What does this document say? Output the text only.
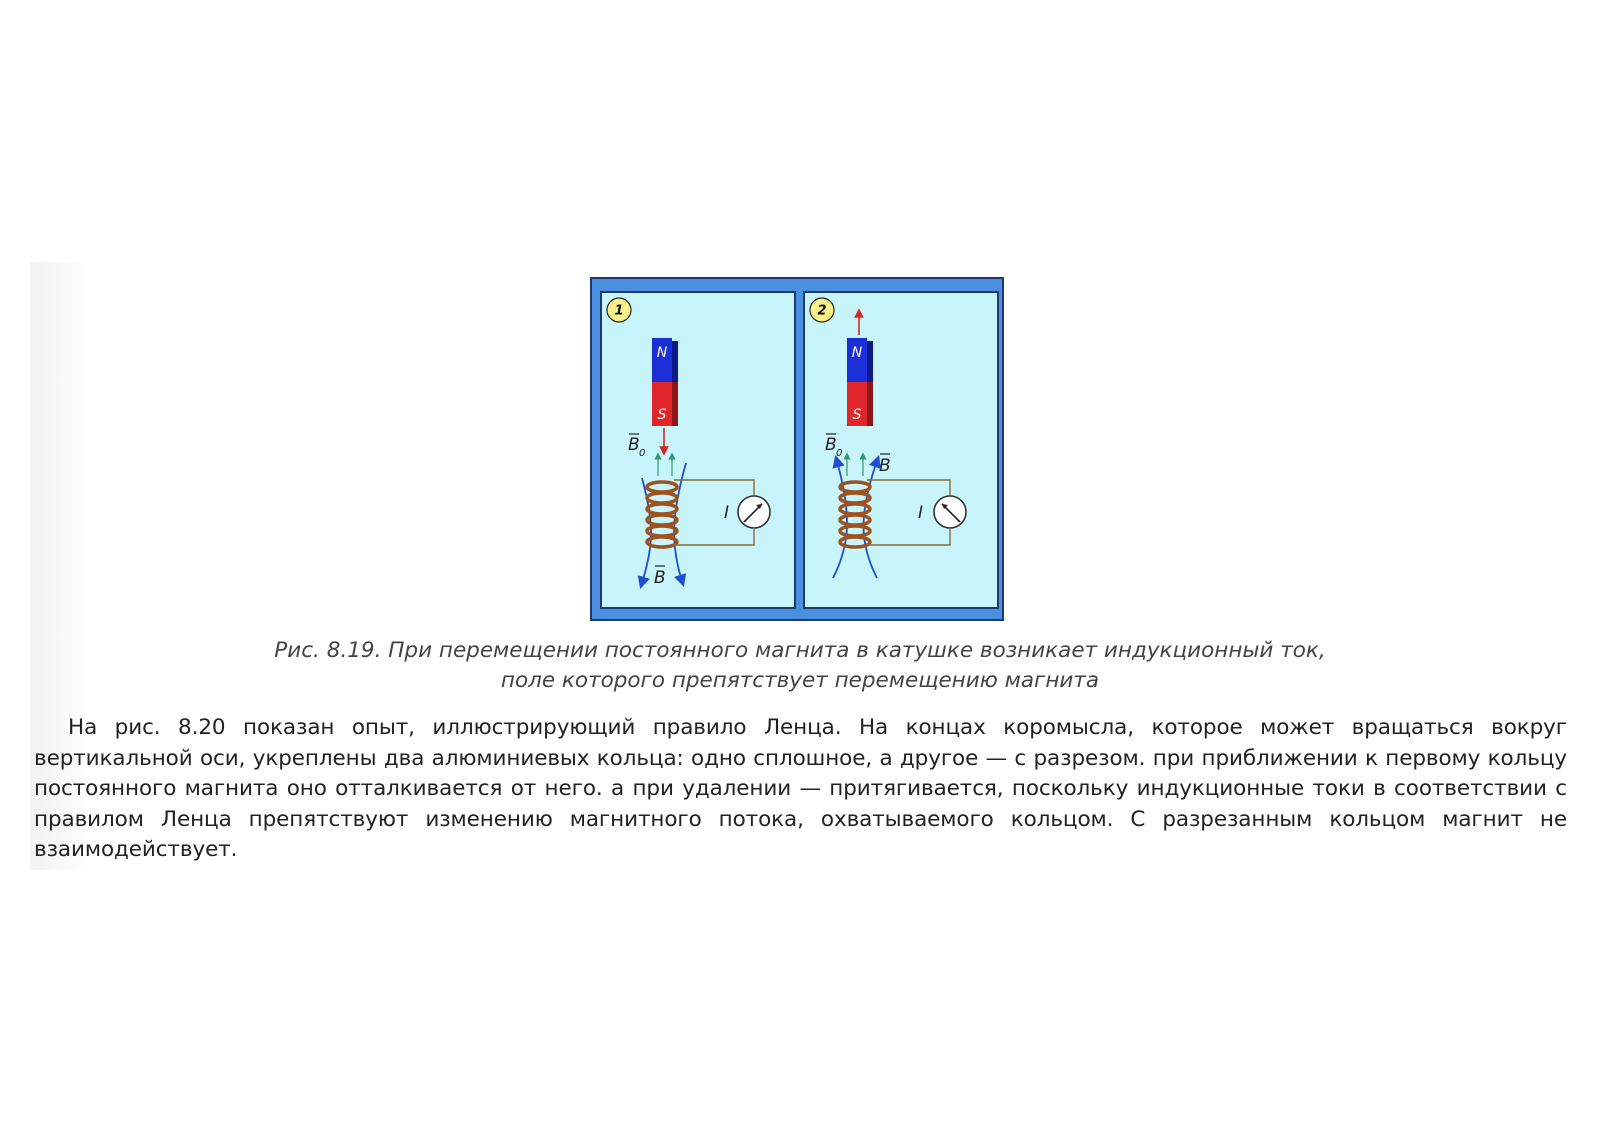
1
N
S
B 0
I
B
2
N
S
B 0
B
I
Рис. 8.19. При перемещении постоянного магнита в катушке возникает индукционный ток,
поле которого препятствует перемещению магнита

На рис. 8.20 показан опыт, иллюстрирующий правило Ленца. На концах коромысла, которое может вращаться вокруг вертикальной оси, укреплены два алюминиевых кольца: одно сплошное, а другое — с разрезом. при приближении к первому кольцу постоянного магнита оно отталкивается от него. а при удалении — притягивается, поскольку индукционные токи в соответствии с правилом Ленца препятствуют изменению магнитного потока, охватываемого кольцом. С разрезанным кольцом магнит не взаимодействует.
